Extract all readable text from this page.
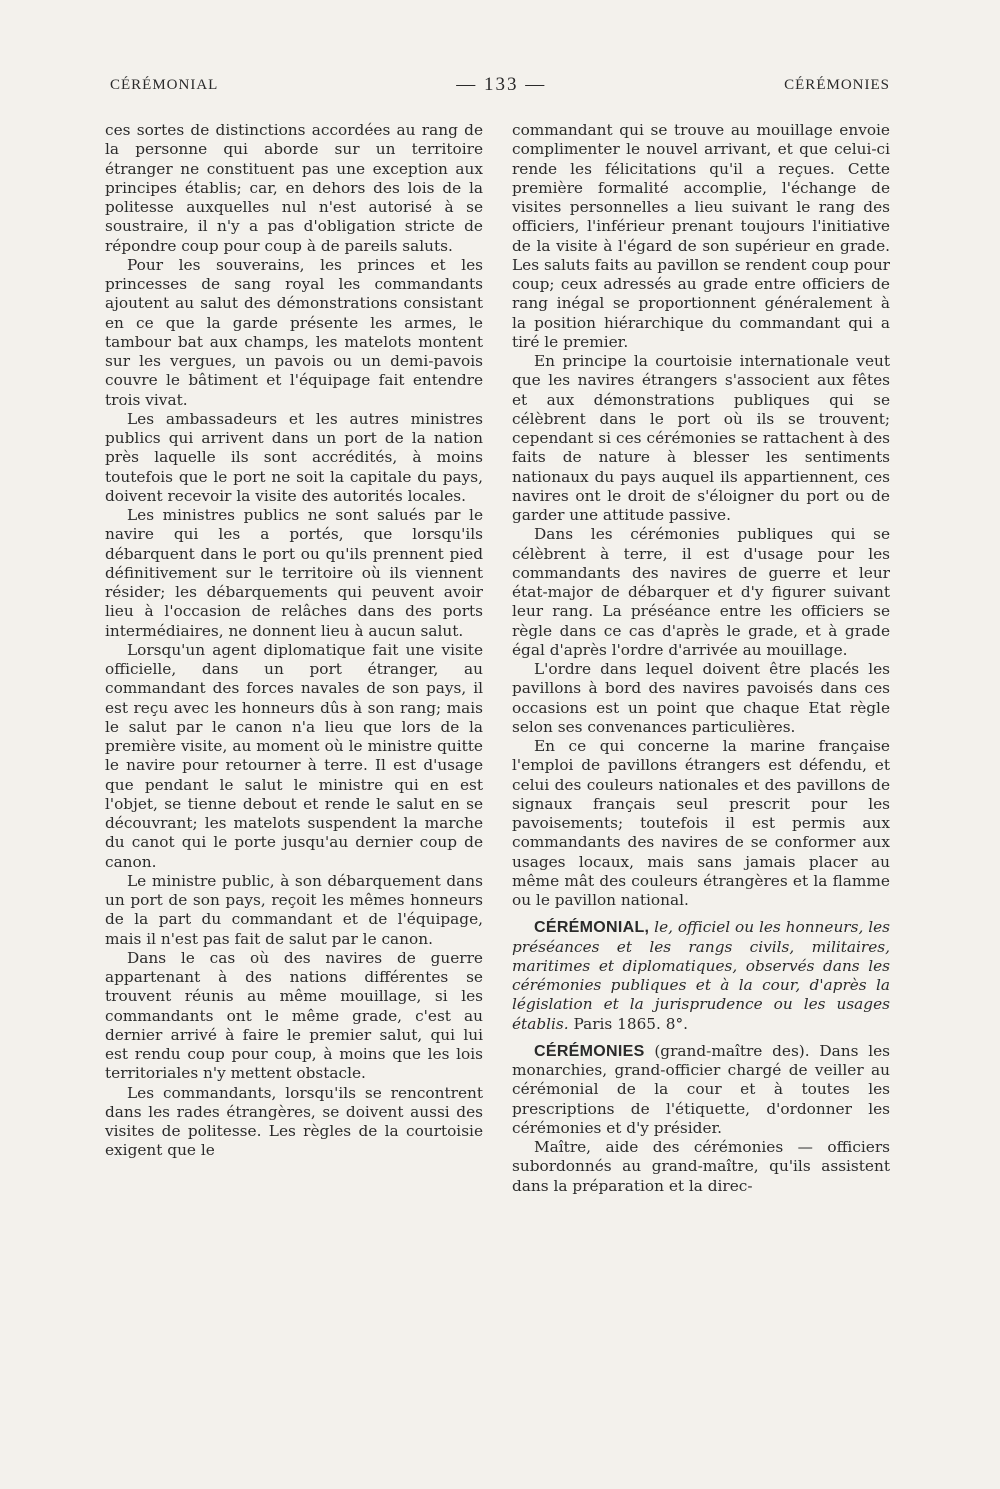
CÉRÉMONIAL	— 133 —	CÉRÉMONIES

ces sortes de distinctions accordées au rang de la personne qui aborde sur un territoire étranger ne constituent pas une exception aux principes établis; car, en dehors des lois de la politesse auxquelles nul n'est autorisé à se soustraire, il n'y a pas d'obligation stricte de répondre coup pour coup à de pareils saluts.

Pour les souverains, les princes et les princesses de sang royal les commandants ajoutent au salut des démonstrations consistant en ce que la garde présente les armes, le tambour bat aux champs, les matelots montent sur les vergues, un pavois ou un demi-pavois couvre le bâtiment et l'équipage fait entendre trois vivat.

Les ambassadeurs et les autres ministres publics qui arrivent dans un port de la nation près laquelle ils sont accrédités, à moins toutefois que le port ne soit la capitale du pays, doivent recevoir la visite des autorités locales.

Les ministres publics ne sont salués par le navire qui les a portés, que lorsqu'ils débarquent dans le port ou qu'ils prennent pied définitivement sur le territoire où ils viennent résider; les débarquements qui peuvent avoir lieu à l'occasion de relâches dans des ports intermédiaires, ne donnent lieu à aucun salut.

Lorsqu'un agent diplomatique fait une visite officielle, dans un port étranger, au commandant des forces navales de son pays, il est reçu avec les honneurs dûs à son rang; mais le salut par le canon n'a lieu que lors de la première visite, au moment où le ministre quitte le navire pour retourner à terre. Il est d'usage que pendant le salut le ministre qui en est l'objet, se tienne debout et rende le salut en se découvrant; les matelots suspendent la marche du canot qui le porte jusqu'au dernier coup de canon.

Le ministre public, à son débarquement dans un port de son pays, reçoit les mêmes honneurs de la part du commandant et de l'équipage, mais il n'est pas fait de salut par le canon.

Dans le cas où des navires de guerre appartenant à des nations différentes se trouvent réunis au même mouillage, si les commandants ont le même grade, c'est au dernier arrivé à faire le premier salut, qui lui est rendu coup pour coup, à moins que les lois territoriales n'y mettent obstacle.

Les commandants, lorsqu'ils se rencontrent dans les rades étrangères, se doivent aussi des visites de politesse. Les règles de la courtoisie exigent que le

commandant qui se trouve au mouillage envoie complimenter le nouvel arrivant, et que celui-ci rende les félicitations qu'il a reçues. Cette première formalité accomplie, l'échange de visites personnelles a lieu suivant le rang des officiers, l'inférieur prenant toujours l'initiative de la visite à l'égard de son supérieur en grade. Les saluts faits au pavillon se rendent coup pour coup; ceux adressés au grade entre officiers de rang inégal se proportionnent généralement à la position hiérarchique du commandant qui a tiré le premier.

En principe la courtoisie internationale veut que les navires étrangers s'associent aux fêtes et aux démonstrations publiques qui se célèbrent dans le port où ils se trouvent; cependant si ces cérémonies se rattachent à des faits de nature à blesser les sentiments nationaux du pays auquel ils appartiennent, ces navires ont le droit de s'éloigner du port ou de garder une attitude passive.

Dans les cérémonies publiques qui se célèbrent à terre, il est d'usage pour les commandants des navires de guerre et leur état-major de débarquer et d'y figurer suivant leur rang. La préséance entre les officiers se règle dans ce cas d'après le grade, et à grade égal d'après l'ordre d'arrivée au mouillage.

L'ordre dans lequel doivent être placés les pavillons à bord des navires pavoisés dans ces occasions est un point que chaque Etat règle selon ses convenances particulières.

En ce qui concerne la marine française l'emploi de pavillons étrangers est défendu, et celui des couleurs nationales et des pavillons de signaux français seul prescrit pour les pavoisements; toutefois il est permis aux commandants des navires de se conformer aux usages locaux, mais sans jamais placer au même mât des couleurs étrangères et la flamme ou le pavillon national.

CÉRÉMONIAL, le, officiel ou les honneurs, les préséances et les rangs civils, militaires, maritimes et diplomatiques, observés dans les cérémonies publiques et à la cour, d'après la législation et la jurisprudence ou les usages établis. Paris 1865. 8°.

CÉRÉMONIES (grand-maître des). Dans les monarchies, grand-officier chargé de veiller au cérémonial de la cour et à toutes les prescriptions de l'étiquette, d'ordonner les cérémonies et d'y présider.

Maître, aide des cérémonies — officiers subordonnés au grand-maître, qu'ils assistent dans la préparation et la direc-
